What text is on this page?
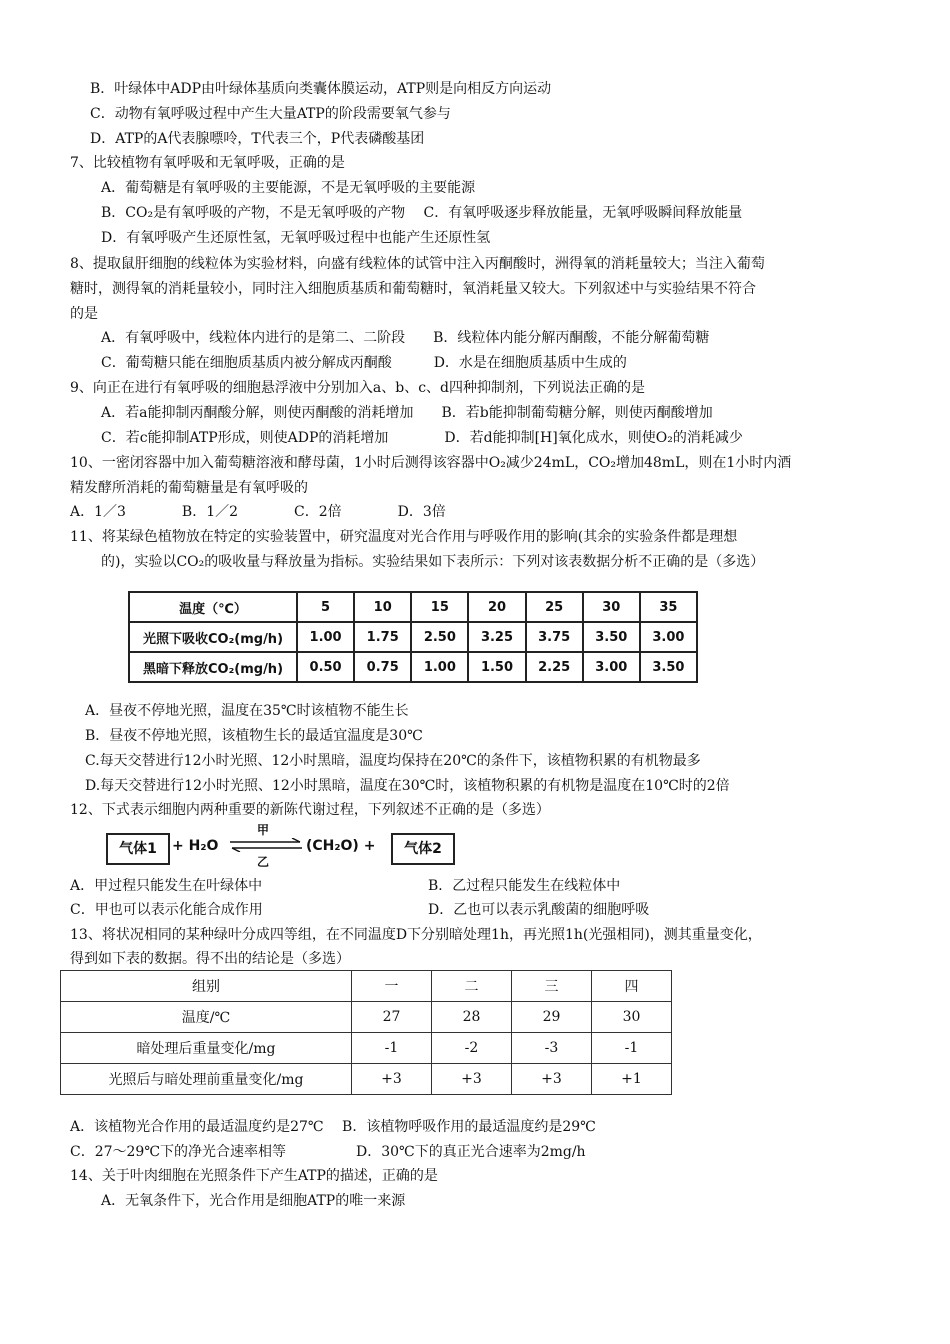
B．叶绿体中ADP由叶绿体基质向类囊体膜运动，ATP则是向相反方向运动
C．动物有氧呼吸过程中产生大量ATP的阶段需要氧气参与
D．ATP的A代表腺嘌呤，T代表三个，P代表磷酸基团
7、比较植物有氧呼吸和无氧呼吸，正确的是
A．葡萄糖是有氧呼吸的主要能源，不是无氧呼吸的主要能源
B．CO₂是有氧呼吸的产物，不是无氧呼吸的产物　 C．有氧呼吸逐步释放能量，无氧呼吸瞬间释放能量
D．有氧呼吸产生还原性氢，无氧呼吸过程中也能产生还原性氢
8、提取鼠肝细胞的线粒体为实验材料，向盛有线粒体的试管中注入丙酮酸时，洲得氧的消耗量较大；当注入葡萄
糖时，测得氧的消耗量较小，同时注入细胞质基质和葡萄糖时，氧消耗量又较大。下列叙述中与实验结果不符合
的是
A．有氧呼吸中，线粒体内进行的是第二、二阶段　　B．线粒体内能分解丙酮酸，不能分解葡萄糖
C．葡萄糖只能在细胞质基质内被分解成丙酮酸　　　D．水是在细胞质基质中生成的
9、向正在进行有氧呼吸的细胞悬浮液中分别加入a、b、c、d四种抑制剂，下列说法正确的是
A．若a能抑制丙酮酸分解，则使丙酮酸的消耗增加　　B．若b能抑制葡萄糖分解，则使丙酮酸增加
C．若c能抑制ATP形成，则使ADP的消耗增加　　　　D．若d能抑制[H]氧化成水，则使O₂的消耗减少
10、一密闭容器中加入葡萄糖溶液和酵母菌，1小时后测得该容器中O₂减少24mL，CO₂增加48mL，则在1小时内酒
精发酵所消耗的葡萄糖量是有氧呼吸的
A．1／3　　　　B．1／2　　　　C．2倍　　　　D．3倍
11、将某绿色植物放在特定的实验装置中，研究温度对光合作用与呼吸作用的影响(其余的实验条件都是理想
的)，实验以CO₂的吸收量与释放量为指标。实验结果如下表所示：下列对该表数据分析不正确的是（多选）
温度（℃）	5	10	15	20	25	30	35
光照下吸收CO₂(mg/h)	1.00	1.75	2.50	3.25	3.75	3.50	3.00
黑暗下释放CO₂(mg/h)	0.50	0.75	1.00	1.50	2.25	3.00	3.50
A．昼夜不停地光照，温度在35℃时该植物不能生长
B．昼夜不停地光照，该植物生长的最适宜温度是30℃
C.每天交替进行12小时光照、12小时黑暗，温度均保持在20℃的条件下，该植物积累的有机物最多
D.每天交替进行12小时光照、12小时黑暗，温度在30℃时，该植物积累的有机物是温度在10℃时的2倍
12、下式表示细胞内两种重要的新陈代谢过程，下列叙述不正确的是（多选）
气体1	+ H₂O
甲
乙
(CH₂O) +	气体2
A．甲过程只能发生在叶绿体中	B．乙过程只能发生在线粒体中
C．甲也可以表示化能合成作用	D．乙也可以表示乳酸菌的细胞呼吸
13、将状况相同的某种绿叶分成四等组，在不同温度D下分别暗处理1h，再光照1h(光强相同)，测其重量变化，
得到如下表的数据。得不出的结论是（多选）
组别	一	二	三	四
温度/℃	27	28	29	30
暗处理后重量变化/mg	-1	-2	-3	-1
光照后与暗处理前重量变化/mg	+3	+3	+3	+1
A．该植物光合作用的最适温度约是27℃　 B．该植物呼吸作用的最适温度约是29℃
C．27～29℃下的净光合速率相等　　　　　D．30℃下的真正光合速率为2mg/h
14、关于叶肉细胞在光照条件下产生ATP的描述，正确的是
A．无氧条件下，光合作用是细胞ATP的唯一来源
